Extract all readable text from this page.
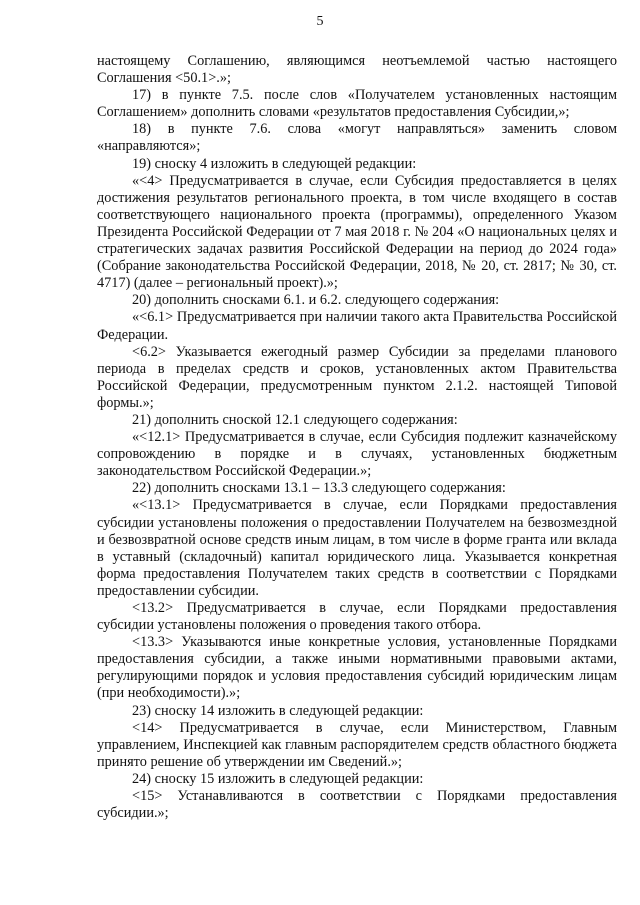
5

настоящему Соглашению, являющимся неотъемлемой частью настоящего Соглашения <50.1>.»;

17) в пункте 7.5. после слов «Получателем установленных настоящим Соглашением» дополнить словами «результатов предоставления Субсидии,»;

18) в пункте 7.6. слова «могут направляться» заменить словом «направляются»;

19) сноску 4 изложить в следующей редакции:

«<4> Предусматривается в случае, если Субсидия предоставляется в целях достижения результатов регионального проекта, в том числе входящего в состав соответствующего национального проекта (программы), определенного Указом Президента Российской Федерации от 7 мая 2018 г. № 204 «О национальных целях и стратегических задачах развития Российской Федерации на период до 2024 года» (Собрание законодательства Российской Федерации, 2018, № 20, ст. 2817; № 30, ст. 4717) (далее – региональный проект).»;

20) дополнить сносками 6.1. и 6.2. следующего содержания:

«<6.1> Предусматривается при наличии такого акта Правительства Российской Федерации.

<6.2> Указывается ежегодный размер Субсидии за пределами планового периода в пределах средств и сроков, установленных актом Правительства Российской Федерации, предусмотренным пунктом 2.1.2. настоящей Типовой формы.»;

21) дополнить сноской 12.1 следующего содержания:

«<12.1> Предусматривается в случае, если Субсидия подлежит казначейскому сопровождению в порядке и в случаях, установленных бюджетным законодательством Российской Федерации.»;

22) дополнить сносками 13.1 – 13.3 следующего содержания:

«<13.1> Предусматривается в случае, если Порядками предоставления субсидии установлены положения о предоставлении Получателем на безвозмездной и безвозвратной основе средств иным лицам, в том числе в форме гранта или вклада в уставный (складочный) капитал юридического лица. Указывается конкретная форма предоставления Получателем таких средств в соответствии с Порядками предоставлении субсидии.

<13.2> Предусматривается в случае, если Порядками предоставления субсидии установлены положения о проведения такого отбора.

<13.3> Указываются иные конкретные условия, установленные Порядками предоставления субсидии, а также иными нормативными правовыми актами, регулирующими порядок и условия предоставления субсидий юридическим лицам (при необходимости).»;

23) сноску 14 изложить в следующей редакции:

<14> Предусматривается в случае, если Министерством, Главным управлением, Инспекцией как главным распорядителем средств областного бюджета принято решение об утверждении им Сведений.»;

24) сноску 15 изложить в следующей редакции:

<15> Устанавливаются в соответствии с Порядками предоставления субсидии.»;
